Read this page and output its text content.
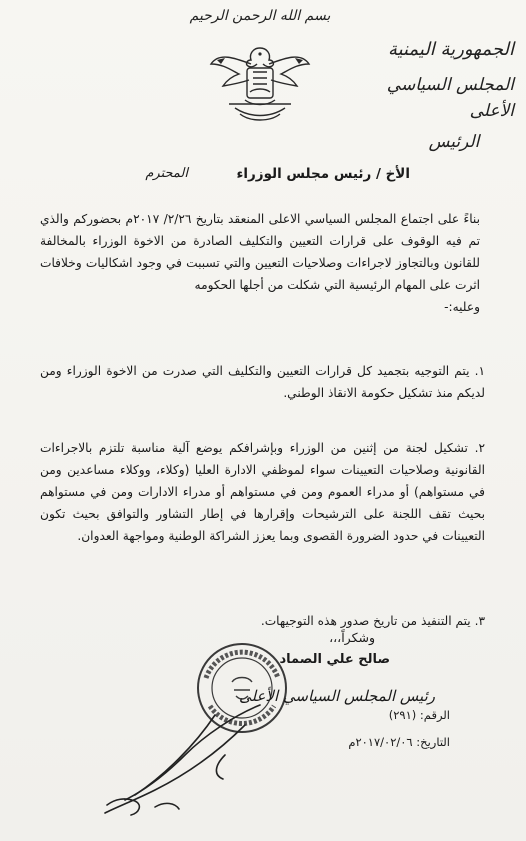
بسم الله الرحمن الرحيم
الجمهورية اليمنية
المجلس السياسي الأعلى
الرئيس
الأخ / رئيس مجلس الوزراء
المحترم

بناءً على اجتماع المجلس السياسي الاعلى المنعقد بتاريخ ٢/٢٦/ ٢٠١٧م بحضوركم والذي تم فيه الوقوف على قرارات التعيين والتكليف الصادرة من الاخوة الوزراء بالمخالفة للقانون وبالتجاوز لاجراءات وصلاحيات التعيين والتي تسببت في وجود اشكاليات وخلافات اثرت على المهام الرئيسية التي شكلت من أجلها الحكومه

وعليه:-

١. يتم التوجيه بتجميد كل قرارات التعيين والتكليف التي صدرت من الاخوة الوزراء ومن لديكم منذ تشكيل حكومة الانقاذ الوطني.
٢. تشكيل لجنة من إثنين من الوزراء وبإشرافكم يوضع آلية مناسبة تلتزم بالاجراءات القانونية وصلاحيات التعيينات سواء لموظفي الادارة العليا (وكلاء، ووكلاء مساعدين ومن في مستواهم) أو مدراء العموم ومن في مستواهم أو مدراء الادارات ومن في مستواهم بحيث تقف اللجنة على الترشيحات وإقرارها في إطار التشاور والتوافق بحيث تكون التعيينات في حدود الضرورة القصوى وبما يعزز الشراكة الوطنية ومواجهة العدوان.
٣. يتم التنفيذ من تاريخ صدور هذه التوجيهات.
وشكراً،،،
صالح علي الصماد
رئيس المجلس السياسي الأعلى
الرقم: (٢٩١)
التاريخ: ٢٠١٧/٠٢/٠٦م
